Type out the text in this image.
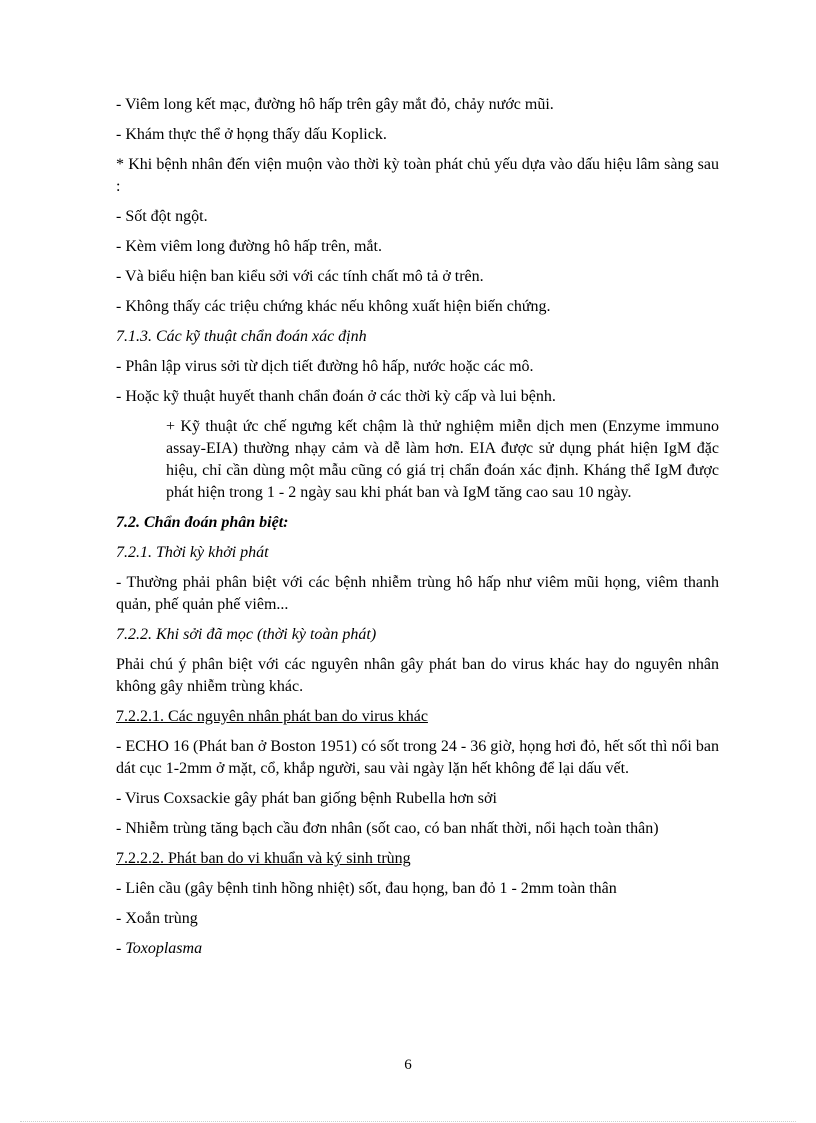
- Viêm long kết mạc, đường hô hấp trên gây mắt đỏ, chảy nước mũi.

- Khám thực thể ở họng thấy dấu Koplick.

* Khi bệnh nhân đến viện muộn vào thời kỳ toàn phát chủ yếu dựa vào dấu hiệu lâm sàng sau :

- Sốt đột ngột.

- Kèm viêm long đường hô hấp trên, mắt.

- Và biểu hiện ban kiểu sởi với các tính chất mô tả ở trên.

- Không thấy các triệu chứng khác nếu không xuất hiện biến chứng.

7.1.3. Các kỹ thuật chẩn đoán xác định

- Phân lập virus sởi từ dịch tiết đường hô hấp, nước hoặc các mô.

- Hoặc kỹ thuật huyết thanh chẩn đoán ở các thời kỳ cấp và lui bệnh.

+ Kỹ thuật ức chế ngưng kết chậm là thử nghiệm miễn dịch men (Enzyme immuno assay-EIA) thường nhạy cảm và dễ làm hơn. EIA được sử dụng phát hiện IgM đặc hiệu, chỉ cần dùng một mẫu cũng có giá trị chẩn đoán xác định. Kháng thể IgM được phát hiện trong 1 - 2 ngày sau khi phát ban và IgM tăng cao sau 10 ngày.

7.2. Chẩn đoán phân biệt:

7.2.1. Thời kỳ khởi phát

- Thường phải phân biệt với các bệnh nhiễm trùng hô hấp như viêm mũi họng, viêm thanh quản, phế quản phế viêm...

7.2.2. Khi sởi đã mọc (thời kỳ toàn phát)

Phải chú ý phân biệt với các nguyên nhân gây phát ban do virus khác hay do nguyên nhân không gây nhiễm trùng khác.

7.2.2.1. Các nguyên nhân phát ban do virus khác

- ECHO 16 (Phát ban ở Boston 1951) có sốt trong 24 - 36 giờ, họng hơi đỏ, hết sốt thì nổi ban dát cục 1-2mm ở mặt, cổ, khắp người, sau vài ngày lặn hết không để lại dấu vết.

- Virus Coxsackie gây phát ban giống bệnh Rubella hơn sởi

- Nhiễm trùng tăng bạch cầu đơn nhân (sốt cao, có ban nhất thời, nổi hạch toàn thân)

7.2.2.2. Phát ban do vi khuẩn và ký sinh trùng

- Liên cầu (gây bệnh tinh hồng nhiệt) sốt, đau họng, ban đỏ 1 - 2mm toàn thân

- Xoắn trùng

- Toxoplasma

6
